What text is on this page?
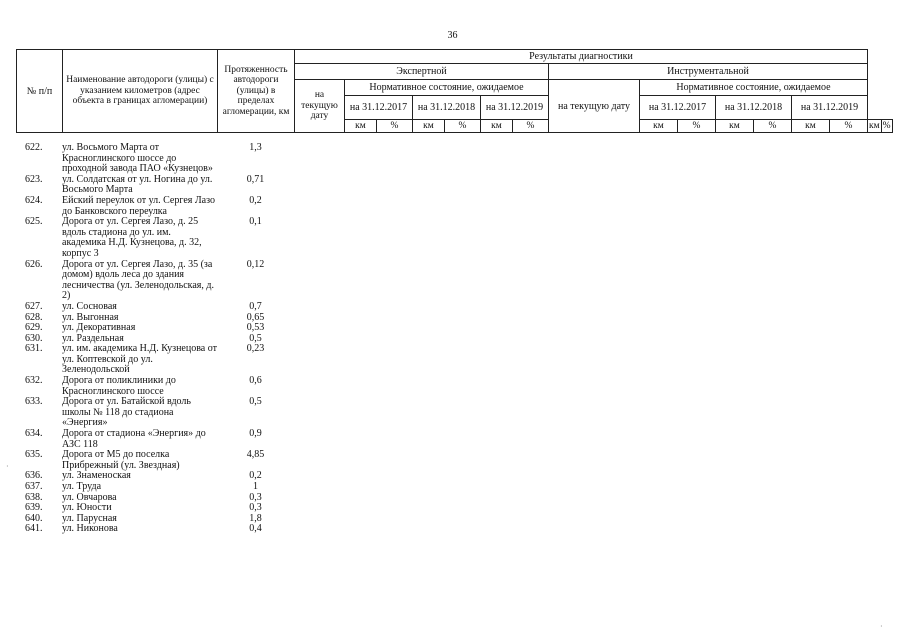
36
№ п/п	Наименование автодороги (улицы) с указанием километров (адрес объекта в границах агломерации)	Протяженность автодороги (улицы) в пределах агломерации, км	Результаты диагностики															
			Экспертной							Инструментальной								
			на текущую дату	Нормативное состояние, ожидаемое						на текущую дату	Нормативное состояние, ожидаемое							
				на 31.12.2017		на 31.12.2018		на 31.12.2019			на 31.12.2017		на 31.12.2018		на 31.12.2019			
				км	%	км	%	км	%		км	%	км	%	км	%	км	%
622.	ул. Восьмого Марта от Красноглинского шоссе до проходной завода ПАО «Кузнецов»	1,3
623.	ул. Солдатская от ул. Ногина до ул. Восьмого Марта	0,71
624.	Ейский переулок от ул. Сергея Лазо до Банковского переулка	0,2
625.	Дорога от ул. Сергея Лазо, д. 25 вдоль стадиона до ул. им. академика Н.Д. Кузнецова, д. 32, корпус 3	0,1
626.	Дорога от ул. Сергея Лазо, д. 35 (за домом) вдоль леса до здания лесничества (ул. Зеленодольская, д. 2)	0,12
627.	ул. Сосновая	0,7
628.	ул. Выгонная	0,65
629.	ул. Декоративная	0,53
630.	ул. Раздельная	0,5
631.	ул. им. академика Н.Д. Кузнецова от ул. Коптевской до ул. Зеленодольской	0,23
632.	Дорога от поликлиники до Красноглинского шоссе	0,6
633.	Дорога от ул. Батайской вдоль школы № 118 до стадиона «Энергия»	0,5
634.	Дорога от стадиона «Энергия» до АЗС 118	0,9
635.	Дорога от М5 до поселка Прибрежный (ул. Звездная)	4,85
636.	ул. Знаменоская	0,2
637.	ул. Труда	1
638.	ул. Овчарова	0,3
639.	ул. Юности	0,3
640.	ул. Парусная	1,8
641.	ул. Никонова	0,4
·
·
